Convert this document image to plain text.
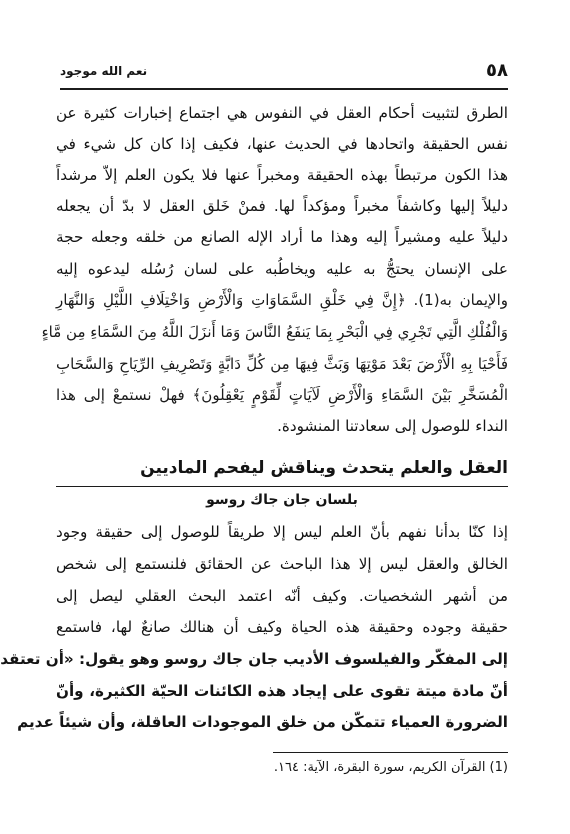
٥٨
نعم الله موجود
الطرق لتثبيت أحكام العقل في النفوس هي اجتماع إخبارات كثيرة عن
نفس الحقيقة واتحادها في الحديث عنها، فكيف إذا كان كل شيء في
هذا الكون مرتبطاً بهذه الحقيقة ومخبراً عنها فلا يكون العلم إلاّ مرشداً
دليلاً إليها وكاشفاً مخبراً ومؤكداً لها. فمنْ خَلق العقل لا بدّ أن يجعله
دليلاً عليه ومشيراً إليه وهذا ما أراد الإله الصانع من خلقه وجعله حجة
على الإنسان يحتجُّ به عليه ويخاطُبه على لسان رُسُله ليدعوه إليه
والإيمان به(1). ﴿إِنَّ فِي خَلْقِ السَّمَاوَاتِ وَالْأَرْضِ وَاخْتِلَافِ اللَّيْلِ وَالنَّهَارِ
وَالْفُلْكِ الَّتِي تَجْرِي فِي الْبَحْرِ بِمَا يَنفَعُ النَّاسَ وَمَا أَنزَلَ اللَّهُ مِنَ السَّمَاءِ مِن مَّاءٍ
فَأَحْيَا بِهِ الْأَرْضَ بَعْدَ مَوْتِهَا وَبَثَّ فِيهَا مِن كُلِّ دَابَّةٍ وَتَصْرِيفِ الرِّيَاحِ وَالسَّحَابِ
الْمُسَخَّرِ بَيْنَ السَّمَاءِ وَالْأَرْضِ لَآيَاتٍ لِّقَوْمٍ يَعْقِلُونَ﴾ فهلْ نستمعْ إلى هذا
النداء للوصول إلى سعادتنا المنشودة.
العقل والعلم يتحدث ويناقش ليفحم الماديين
بلسان جان جاك روسو
إذا كنّا بدأنا نفهم بأنّ العلم ليس إلا طريقاً للوصول إلى حقيقة وجود
الخالق والعقل ليس إلا هذا الباحث عن الحقائق فلنستمع إلى شخص
من أشهر الشخصيات. وكيف أنّه اعتمد البحث العقلي ليصل إلى
حقيقة وجوده وحقيقة هذه الحياة وكيف أن هنالك صانعٌ لها، فاستمع
إلى المفكّر والفيلسوف الأديب جان جاك روسو وهو يقول: «أن تعتقد
أنّ مادة ميتة تقوى على إيجاد هذه الكائنات الحيّة الكثيرة، وأنّ
الضرورة العمياء تتمكّن من خلق الموجودات العاقلة، وأن شيئاً عديم
(1) القرآن الكريم، سورة البقرة، الآية: ١٦٤.
